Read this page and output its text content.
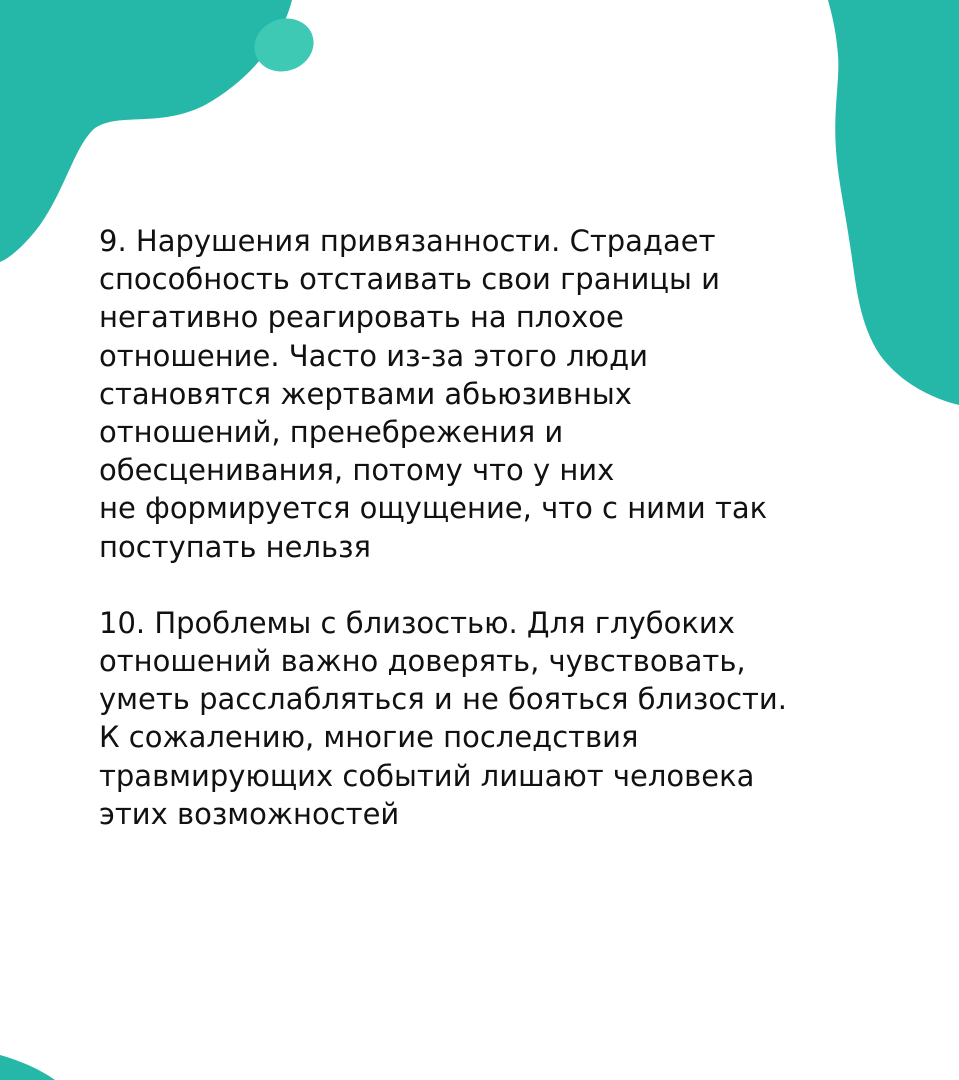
9. Нарушения привязанности. Страдает
способность отстаивать свои границы и
негативно реагировать на плохое
отношение. Часто из-за этого люди
становятся жертвами абьюзивных
отношений, пренебрежения и
обесценивания, потому что у них
не формируется ощущение, что с ними так
поступать нельзя

10. Проблемы с близостью. Для глубоких
отношений важно доверять, чувствовать,
уметь расслабляться и не бояться близости.
К сожалению, многие последствия
травмирующих событий лишают человека
этих возможностей
